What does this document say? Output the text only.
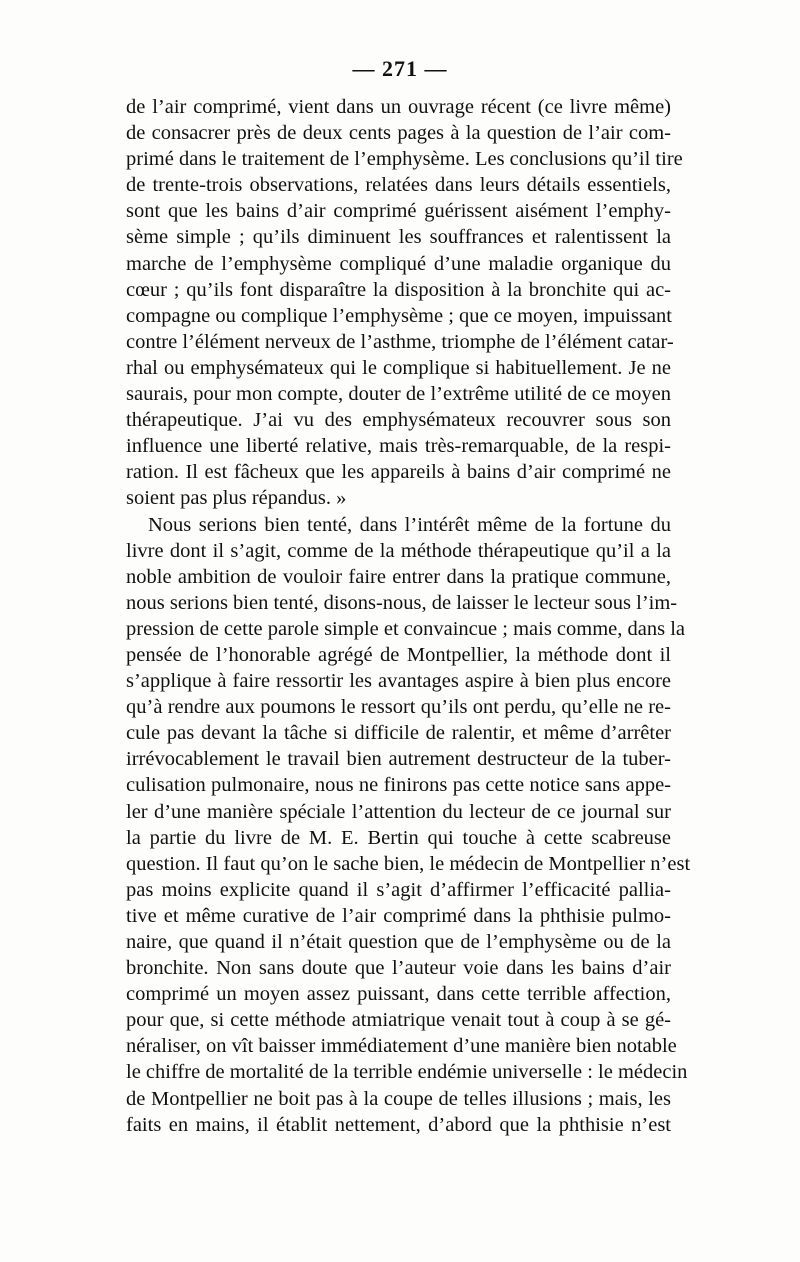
— 271 —
de l’air comprimé, vient dans un ouvrage récent (ce livre même)
de consacrer près de deux cents pages à la question de l’air com-
primé dans le traitement de l’emphysème. Les conclusions qu’il tire
de trente-trois observations, relatées dans leurs détails essentiels,
sont que les bains d’air comprimé guérissent aisément l’emphy-
sème simple ; qu’ils diminuent les souffrances et ralentissent la
marche de l’emphysème compliqué d’une maladie organique du
cœur ; qu’ils font disparaître la disposition à la bronchite qui ac-
compagne ou complique l’emphysème ; que ce moyen, impuissant
contre l’élément nerveux de l’asthme, triomphe de l’élément catar-
rhal ou emphysémateux qui le complique si habituellement. Je ne
saurais, pour mon compte, douter de l’extrême utilité de ce moyen
thérapeutique. J’ai vu des emphysémateux recouvrer sous son
influence une liberté relative, mais très-remarquable, de la respi-
ration. Il est fâcheux que les appareils à bains d’air comprimé ne
soient pas plus répandus. »
Nous serions bien tenté, dans l’intérêt même de la fortune du
livre dont il s’agit, comme de la méthode thérapeutique qu’il a la
noble ambition de vouloir faire entrer dans la pratique commune,
nous serions bien tenté, disons-nous, de laisser le lecteur sous l’im-
pression de cette parole simple et convaincue ; mais comme, dans la
pensée de l’honorable agrégé de Montpellier, la méthode dont il
s’applique à faire ressortir les avantages aspire à bien plus encore
qu’à rendre aux poumons le ressort qu’ils ont perdu, qu’elle ne re-
cule pas devant la tâche si difficile de ralentir, et même d’arrêter
irrévocablement le travail bien autrement destructeur de la tuber-
culisation pulmonaire, nous ne finirons pas cette notice sans appe-
ler d’une manière spéciale l’attention du lecteur de ce journal sur
la partie du livre de M. E. Bertin qui touche à cette scabreuse
question. Il faut qu’on le sache bien, le médecin de Montpellier n’est
pas moins explicite quand il s’agit d’affirmer l’efficacité pallia-
tive et même curative de l’air comprimé dans la phthisie pulmo-
naire, que quand il n’était question que de l’emphysème ou de la
bronchite. Non sans doute que l’auteur voie dans les bains d’air
comprimé un moyen assez puissant, dans cette terrible affection,
pour que, si cette méthode atmiatrique venait tout à coup à se gé-
néraliser, on vît baisser immédiatement d’une manière bien notable
le chiffre de mortalité de la terrible endémie universelle : le médecin
de Montpellier ne boit pas à la coupe de telles illusions ; mais, les
faits en mains, il établit nettement, d’abord que la phthisie n’est
